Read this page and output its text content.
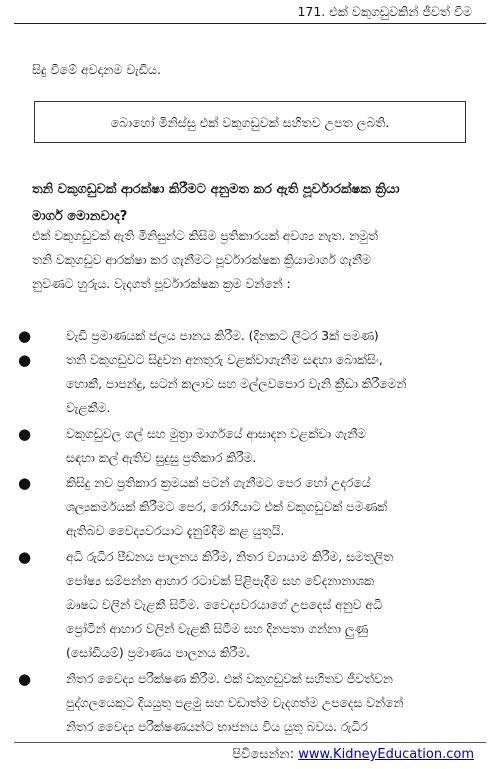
171. එක් වකුගඩුවකින් ජීවත් වීම
සිදු වීමේ අවදානම වැඩිය.
බොහෝ මිනිස්සු එක් වකුගඩුවක් සහිතව උපත ලබති.
තනි වකුගඩුවක් ආරක්ෂා කිරීමට අනුමත කර ඇති පූර්වාරක්ෂක ක්‍රියා
මාර්ග මොනවාද?
එක් වකුගඩුවක් ඇති මිනිසුන්ට කිසිම ප්‍රතිකාරයක් අවශ්‍ය නැත. නමුත්
තනි වකුගඩුව ආරක්ෂා කර ගැනීමට පූර්වාරක්ෂක ක්‍රියාමාර්ග ගැනීම
නුවණට හුරුය. වැදගත් පූර්වාරක්ෂක ක්‍රම වන්නේ :
●	වැඩි ප්‍රමාණයක් ජලය පානය කිරීම. (දිනකට ලීටර 3ක් පමණ)
●	තනි වකුගඩුවට සිදුවන අනතුරු වළක්වාගැනීම සඳහා බොක්සිං,
හොකී, පාපන්දු, සටන් කලාව සහ මල්ලවපොර වැනි ක්‍රීඩා කිරීමෙන්
වැළකීම.
●	වකුගඩුවල ගල් සහ මුත්‍රා මාර්ගයේ ආසාදන වළක්වා ගැනීම
සඳහා කල් ඇතිව සුදුසු ප්‍රතිකාර කිරීම.
●	කිසිදු නව ප්‍රතිකාර ක්‍රමයක් පටන් ගැනීමට පෙර හෝ උදරයේ
ශල්‍යකර්මයක් කිරීමට පෙර, රෝගියාට එක් වකුගඩුවක් පමණක්
ඇතිබව වෛද්‍යවරයාට දැනුම්දීම කළ යුතුයි.
●	අධි රුධිර පීඩනය පාලනය කිරීම, නිතර ව්‍යායාම කිරීම, සමතුලිත
පෝෂ්‍ය සම්පන්න ආහාර රටාවක් පිළිපැදීම සහ වේදනානාශක
ඖෂධ වලින් වැළකී සිටීම. වෛද්‍යවරයාගේ උපදෙස් අනුව අධි
ප්‍රෝටීන් ආහාර වලින් වැළකී සිටීම සහ දිනපතා ගන්නා ලුණු
(සෝඩියම්) ප්‍රමාණය පාලනය කිරීම.
●	නිතර වෛද්‍ය පරීක්ෂණ කිරීම. එක් වකුගඩුවක් සහිතව ජීවත්වන
පුද්ගලයෙකුට දියයුතු පළමු සහ වඩාත්ම වැදගත්ම උපදෙස වන්නේ
නිතර වෛද්‍ය පරීක්ෂණයන්ට භාජනය විය යුතු බවය. රුධිර
පිවිසෙන්න: www.KidneyEducation.com
